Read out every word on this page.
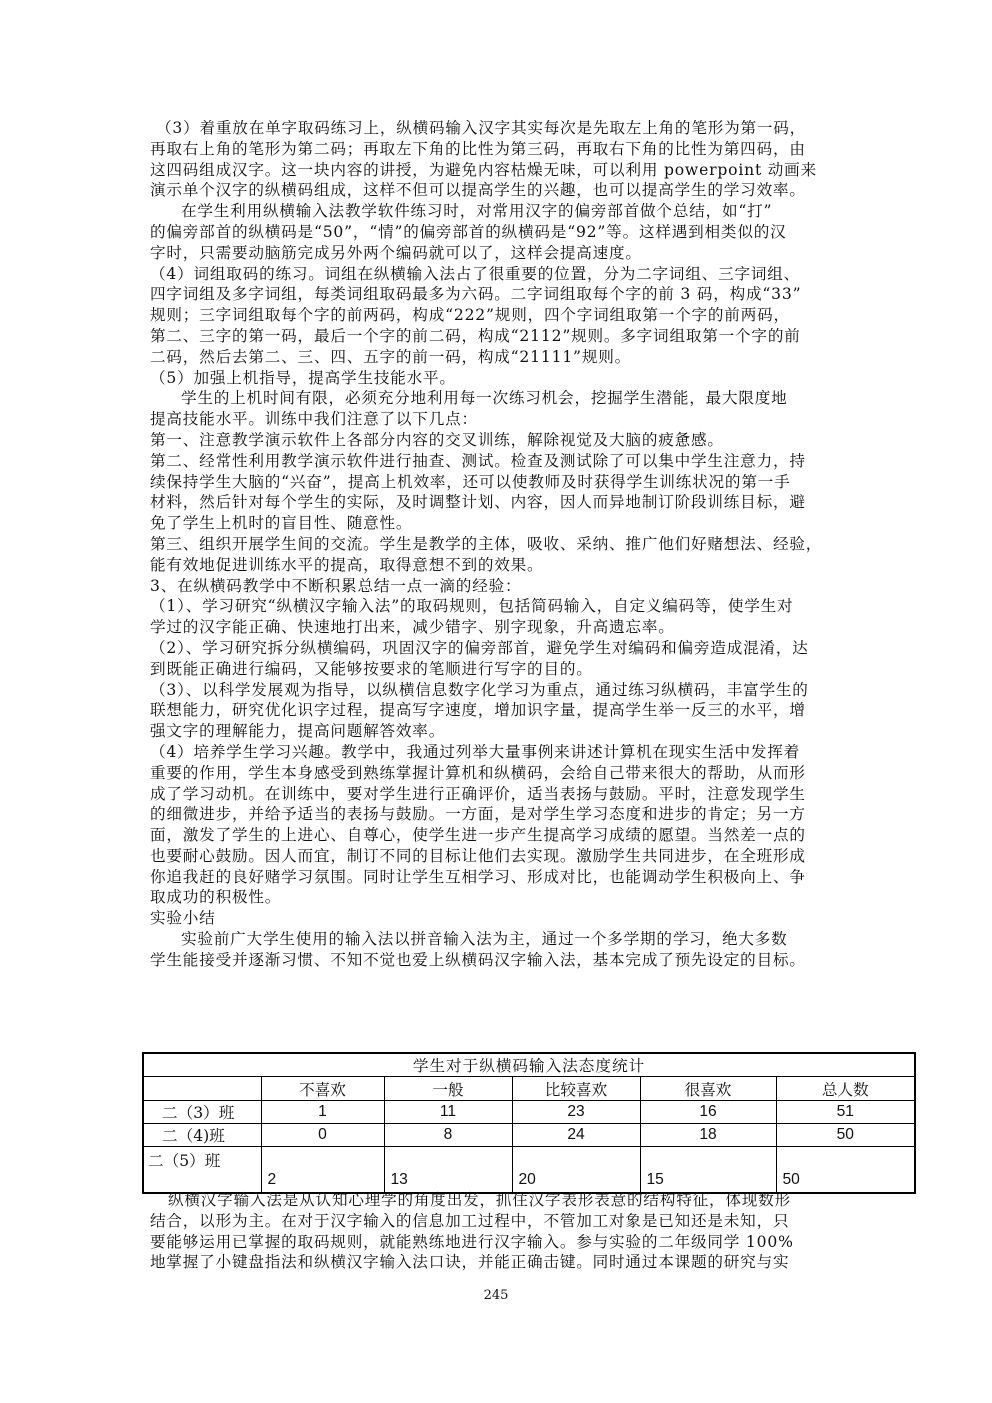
（3）着重放在单字取码练习上，纵横码输入汉字其实每次是先取左上角的笔形为第一码，
再取右上角的笔形为第二码；再取左下角的比性为第三码，再取右下角的比性为第四码，由
这四码组成汉字。这一块内容的讲授，为避免内容枯燥无味，可以利用 powerpoint 动画来
演示单个汉字的纵横码组成，这样不但可以提高学生的兴趣，也可以提高学生的学习效率。
在学生利用纵横输入法教学软件练习时，对常用汉字的偏旁部首做个总结，如“打”
的偏旁部首的纵横码是“50”，“情”的偏旁部首的纵横码是“92”等。这样遇到相类似的汉
字时，只需要动脑筋完成另外两个编码就可以了，这样会提高速度。
（4）词组取码的练习。词组在纵横输入法占了很重要的位置，分为二字词组、三字词组、
四字词组及多字词组，每类词组取码最多为六码。二字词组取每个字的前 3 码，构成“33”
规则；三字词组取每个字的前两码，构成“222”规则，四个字词组取第一个字的前两码，
第二、三字的第一码，最后一个字的前二码，构成“2112”规则。多字词组取第一个字的前
二码，然后去第二、三、四、五字的前一码，构成“21111”规则。
（5）加强上机指导，提高学生技能水平。
学生的上机时间有限，必须充分地利用每一次练习机会，挖掘学生潜能，最大限度地
提高技能水平。训练中我们注意了以下几点：
第一、注意教学演示软件上各部分内容的交叉训练，解除视觉及大脑的疲惫感。
第二、经常性利用教学演示软件进行抽查、测试。检查及测试除了可以集中学生注意力，持
续保持学生大脑的“兴奋”，提高上机效率，还可以使教师及时获得学生训练状况的第一手
材料，然后针对每个学生的实际，及时调整计划、内容，因人而异地制订阶段训练目标，避
免了学生上机时的盲目性、随意性。
第三、组织开展学生间的交流。学生是教学的主体，吸收、采纳、推广他们好赌想法、经验，
能有效地促进训练水平的提高，取得意想不到的效果。
3、在纵横码教学中不断积累总结一点一滴的经验：
（1）、学习研究“纵横汉字输入法”的取码规则，包括简码输入，自定义编码等，使学生对
学过的汉字能正确、快速地打出来，减少错字、别字现象，升高遗忘率。
（2）、学习研究拆分纵横编码，巩固汉字的偏旁部首，避免学生对编码和偏旁造成混淆，达
到既能正确进行编码，又能够按要求的笔顺进行写字的目的。
（3）、以科学发展观为指导，以纵横信息数字化学习为重点，通过练习纵横码，丰富学生的
联想能力，研究优化识字过程，提高写字速度，增加识字量，提高学生举一反三的水平，增
强文字的理解能力，提高问题解答效率。
（4）培养学生学习兴趣。教学中，我通过列举大量事例来讲述计算机在现实生活中发挥着
重要的作用，学生本身感受到熟练掌握计算机和纵横码，会给自己带来很大的帮助，从而形
成了学习动机。在训练中，要对学生进行正确评价，适当表扬与鼓励。平时，注意发现学生
的细微进步，并给予适当的表扬与鼓励。一方面，是对学生学习态度和进步的肯定；另一方
面，激发了学生的上进心、自尊心，使学生进一步产生提高学习成绩的愿望。当然差一点的
也要耐心鼓励。因人而宜，制订不同的目标让他们去实现。激励学生共同进步，在全班形成
你追我赶的良好赌学习氛围。同时让学生互相学习、形成对比，也能调动学生积极向上、争
取成功的积极性。
实验小结
实验前广大学生使用的输入法以拼音输入法为主，通过一个多学期的学习，绝大多数
学生能接受并逐渐习惯、不知不觉也爱上纵横码汉字输入法，基本完成了预先设定的目标。
学生对于纵横码输入法态度统计					
	不喜欢	一般	比较喜欢	很喜欢	总人数
二（3）班	1	11	23	16	51
二（4)班	0	8	24	18	50
二（5）班	2	13	20	15	50
纵横汉字输入法是从认知心理学的角度出发，抓住汉字表形表意的结构特征，体现数形
结合，以形为主。在对于汉字输入的信息加工过程中，不管加工对象是已知还是未知，只
要能够运用已掌握的取码规则，就能熟练地进行汉字输入。参与实验的二年级同学 100%
地掌握了小键盘指法和纵横汉字输入法口诀，并能正确击键。同时通过本课题的研究与实
245
